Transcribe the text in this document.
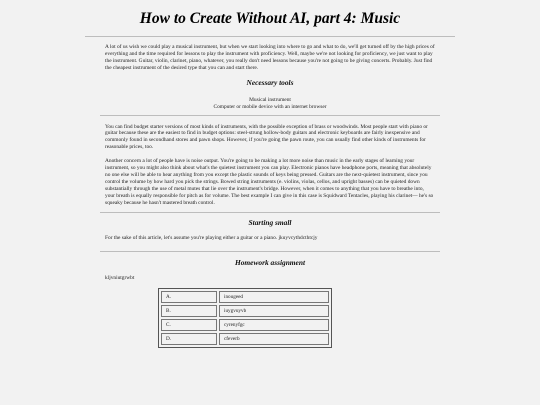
How to Create Without AI, part 4: Music

A lot of us wish we could play a musical instrument, but when we start looking into where to go and what to do, we'll get turned off by the high prices of everything and the time required for lessons to play the instrument with proficiency. Well, maybe we're not looking for proficiency, we just want to play the instrument. Guitar, violin, clarinet, piano, whatever, you really don't need lessons because you're not going to be giving concerts. Probably. Just find the cheapest instrument of the desired type that you can and start there.

Necessary tools
Musical instrument
Computer or mobile device with an internet browser

You can find budget starter versions of most kinds of instruments, with the possible exception of brass or woodwinds. Most people start with piano or guitar because these are the easiest to find in budget options: steel-strung hollow-body guitars and electronic keyboards are fairly inexpensive and commonly found in secondhand stores and pawn shops. However, if you're going the pawn route, you can usually find other kinds of instruments for reasonable prices, too.

Another concern a lot of people have is noise output. You're going to be making a lot more noise than music in the early stages of learning your instrument, so you might also think about what's the quietest instrument you can play. Electronic pianos have headphone ports, meaning that absolutely no one else will be able to hear anything from you except the plastic sounds of keys being pressed. Guitars are the next-quietest instrument, since you control the volume by how hard you pick the strings. Bowed string instruments (e. violins, violas, cellos, and upright basses) can be quieted down substantially through the use of metal mutes that lie over the instrument's bridge. However, when it comes to anything that you have to breathe into, your breath is equally responsible for pitch as for volume. The best example I can give in this case is Squidward Tentacles, playing his clarinet— he's so squeaky because he hasn't mastered breath control.

Starting small

For the sake of this article, let's assume you're playing either a guitar or a piano. jkuyvcythdcthtcjy

Homework assignment

kljvniutgrwbt

A.	inougeed
B.	iuygvuyvb
C.	cyrenyfgc
D.	cfeverb
